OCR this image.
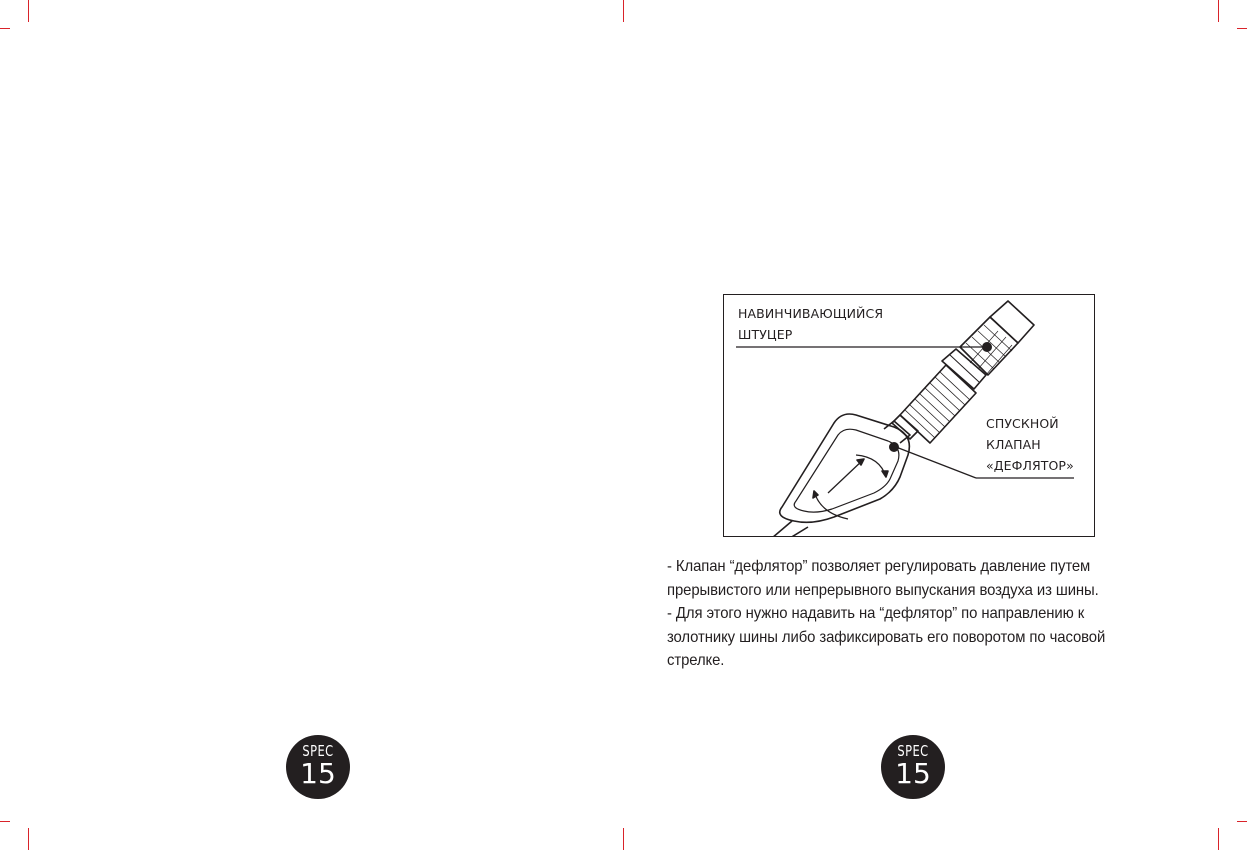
НАВИНЧИВАЮЩИЙСЯ
ШТУЦЕР
СПУСКНОЙ
КЛАПАН
«ДЕФЛЯТОР»

- Клапан “дефлятор” позволяет регулировать давление путем прерывистого или непрерывного выпускания воздуха из шины.

- Для этого нужно надавить на “дефлятор” по направлению к золотнику шины либо зафиксировать его поворотом по часовой стрелке.

SPEC
15
SPEC
15
